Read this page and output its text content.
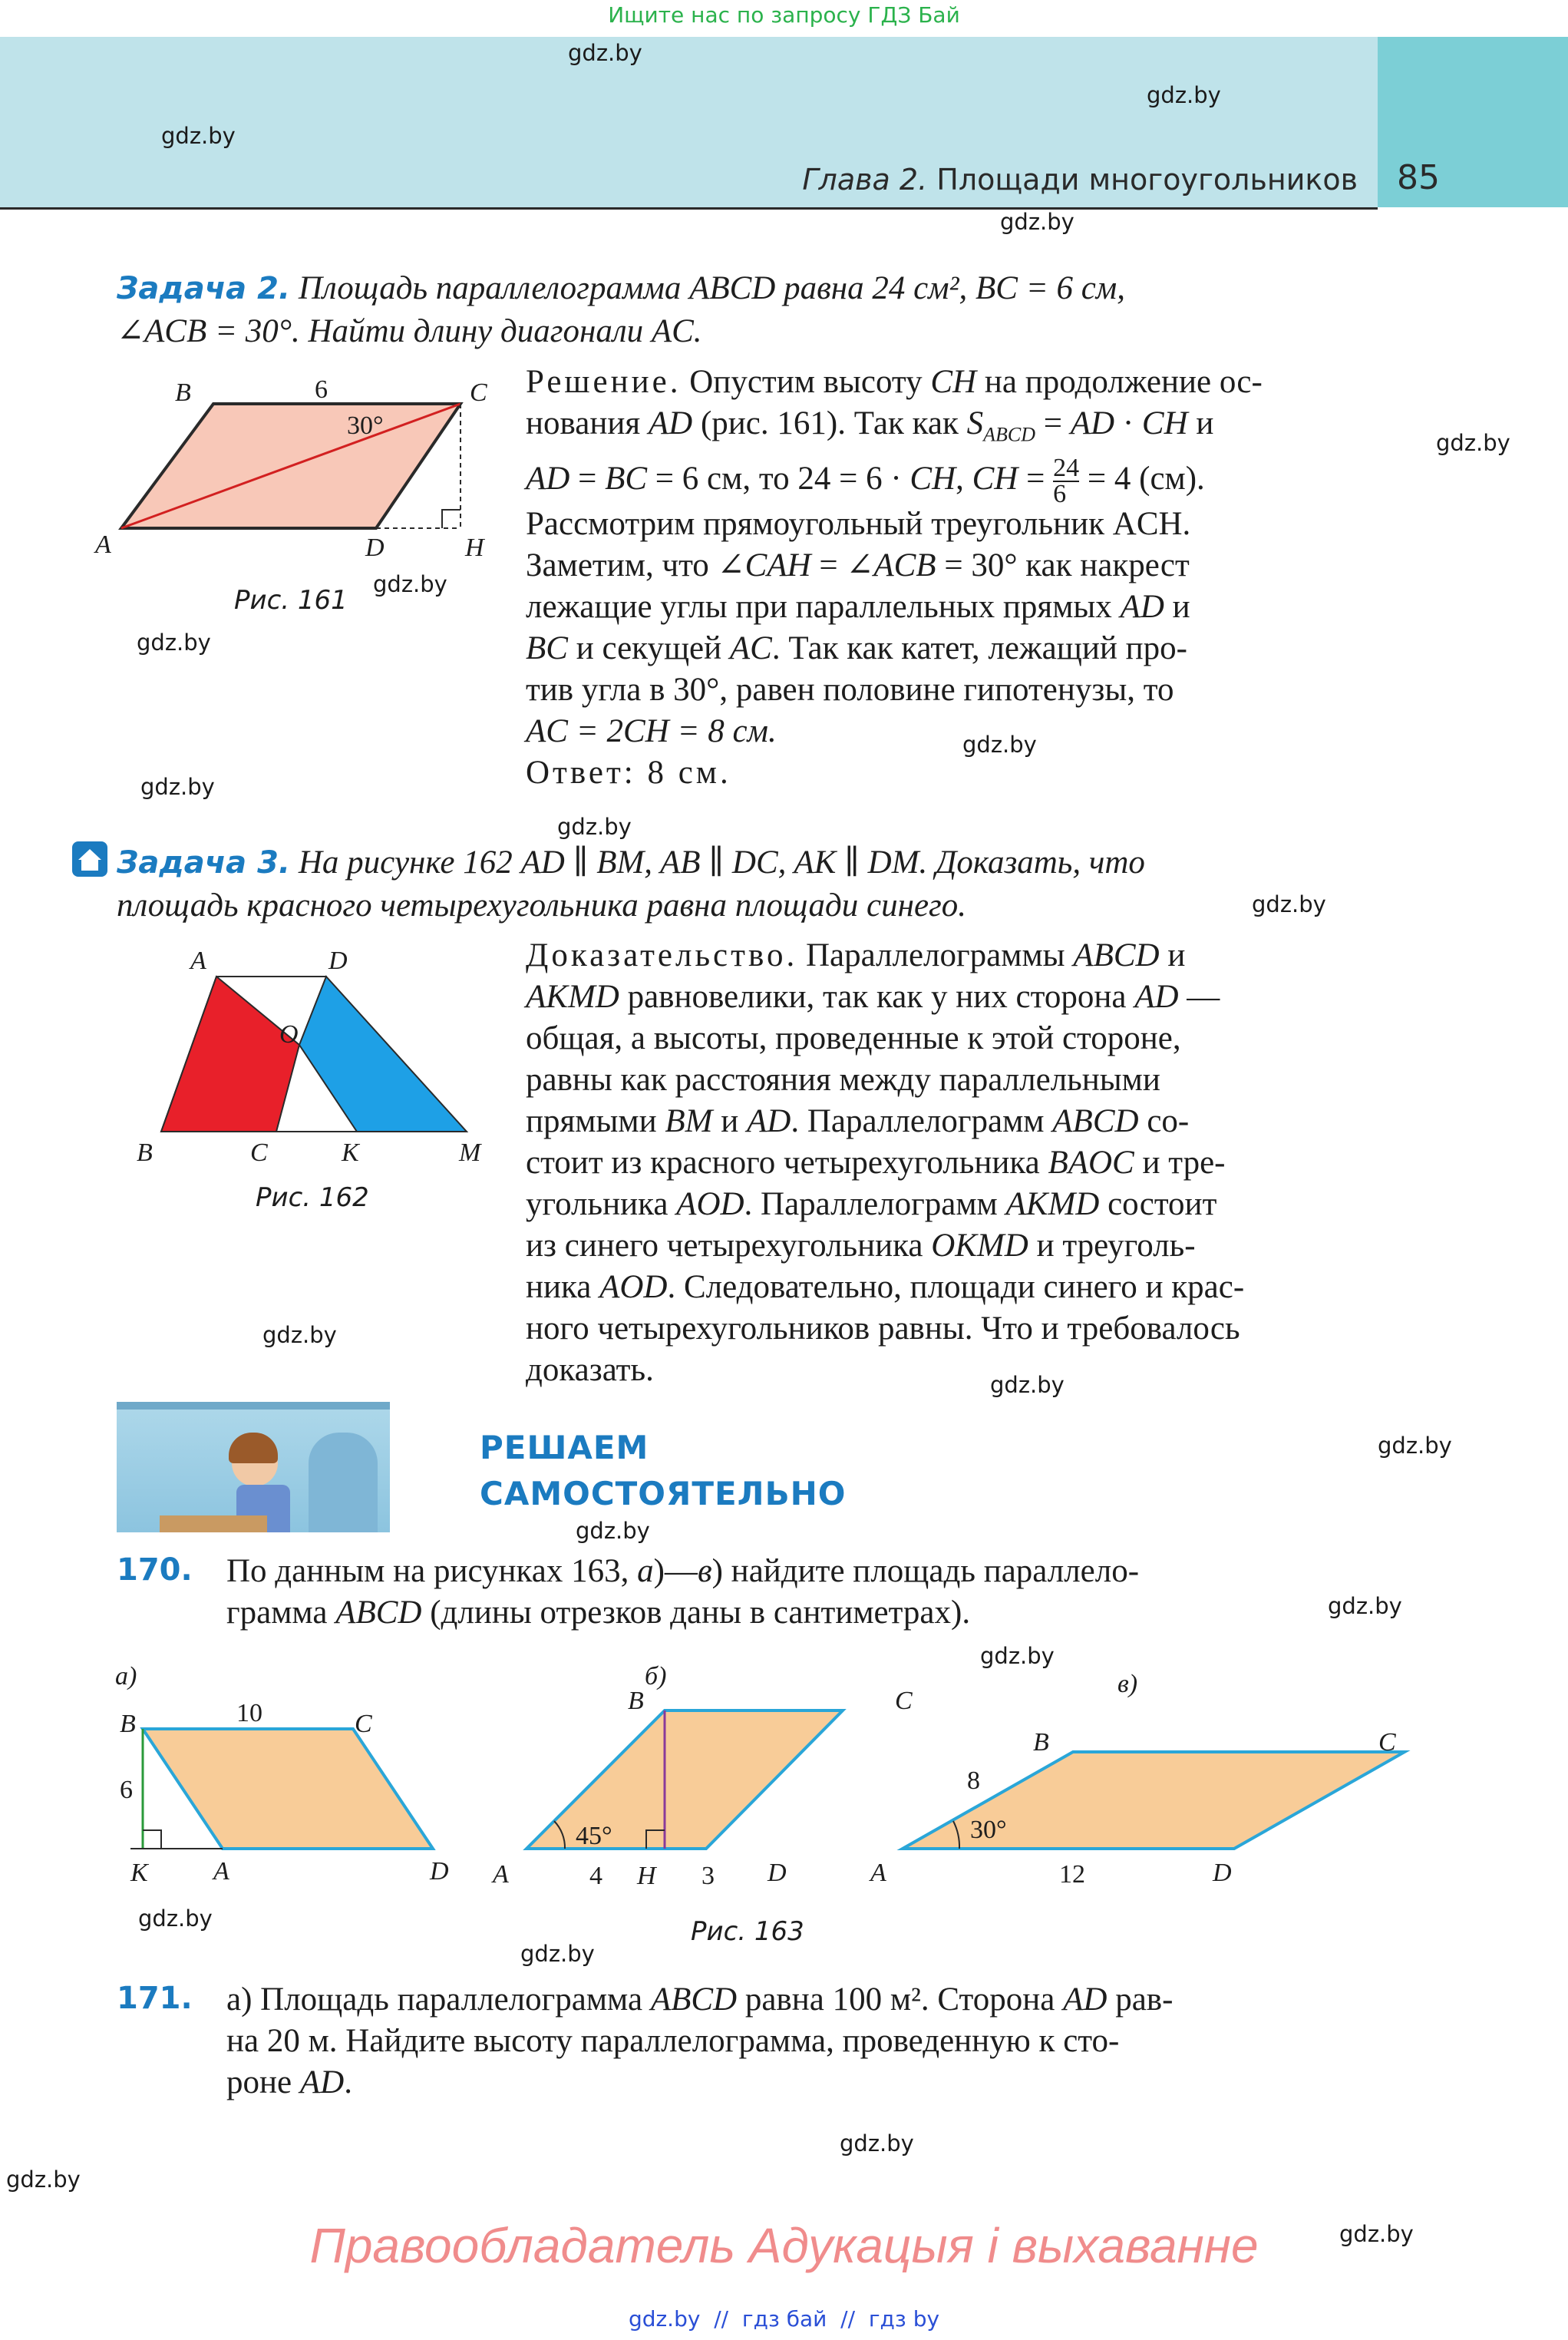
Ищите нас по запросу ГДЗ Бай
Глава 2. Площади многоугольников 85
gdz.by
gdz.by
gdz.by
gdz.by
gdz.by
gdz.by
gdz.by
gdz.by
gdz.by
gdz.by
gdz.by
gdz.by
gdz.by
gdz.by
gdz.by
gdz.by
gdz.by
gdz.by
gdz.by
gdz.by
gdz.by
gdz.by
Задача 2. Площадь параллелограмма ABCD равна 24 см², BC = 6 см,
∠ACB = 30°. Найти длину диагонали AC.
B	C
A	D	H
6
30°
Рис. 161
Решение. Опустим высоту CH на продолжение ос-
нования AD (рис. 161). Так как $S_{ABCD}$ = AD · CH и
AD = BC = 6 см, то 24 = 6 · CH, CH = $\frac{24}{6} = 4$ (см).
Рассмотрим прямоугольный треугольник ACH.
Заметим, что ∠CAH = ∠ACB = 30° как накрест
лежащие углы при параллельных прямых AD и
BC и секущей AC. Так как катет, лежащий про-
тив угла в 30°, равен половине гипотенузы, то
AC = 2CH = 8 см.
Ответ: 8 см.
Задача 3. На рисунке 162 AD ∥ BM, AB ∥ DC, AK ∥ DM. Доказать, что
площадь красного четырехугольника равна площади синего.
A	D
O
B	C	K	M
Рис. 162
Доказательство. Параллелограммы ABCD и
AKMD равновелики, так как у них сторона AD —
общая, а высоты, проведенные к этой стороне,
равны как расстояния между параллельными
прямыми BM и AD. Параллелограмм ABCD со-
стоит из красного четырехугольника BAOC и тре-
угольника AOD. Параллелограмм AKMD состоит
из синего четырехугольника OKMD и треуголь-
ника AOD. Следовательно, площади синего и крас-
ного четырехугольников равны. Что и требовалось
доказать.
РЕШАЕМ
САМОСТОЯТЕЛЬНО
170. По данным на рисунках 163, а)—в) найдите площадь параллело-
грамма ABCD (длины отрезков даны в сантиметрах).
а)
B	C
K	A	D
10
6
б)
B	C
A	H	D
45°
4	3
в)
B	C
A	D
8
30°
12
Рис. 163
171. а) Площадь параллелограмма ABCD равна 100 м². Сторона AD рав-
на 20 м. Найдите высоту параллелограмма, проведенную к сто-
роне AD.
Правообладатель Адукацыя і выхаванне
gdz.by  //  гдз бай  //  гдз by
